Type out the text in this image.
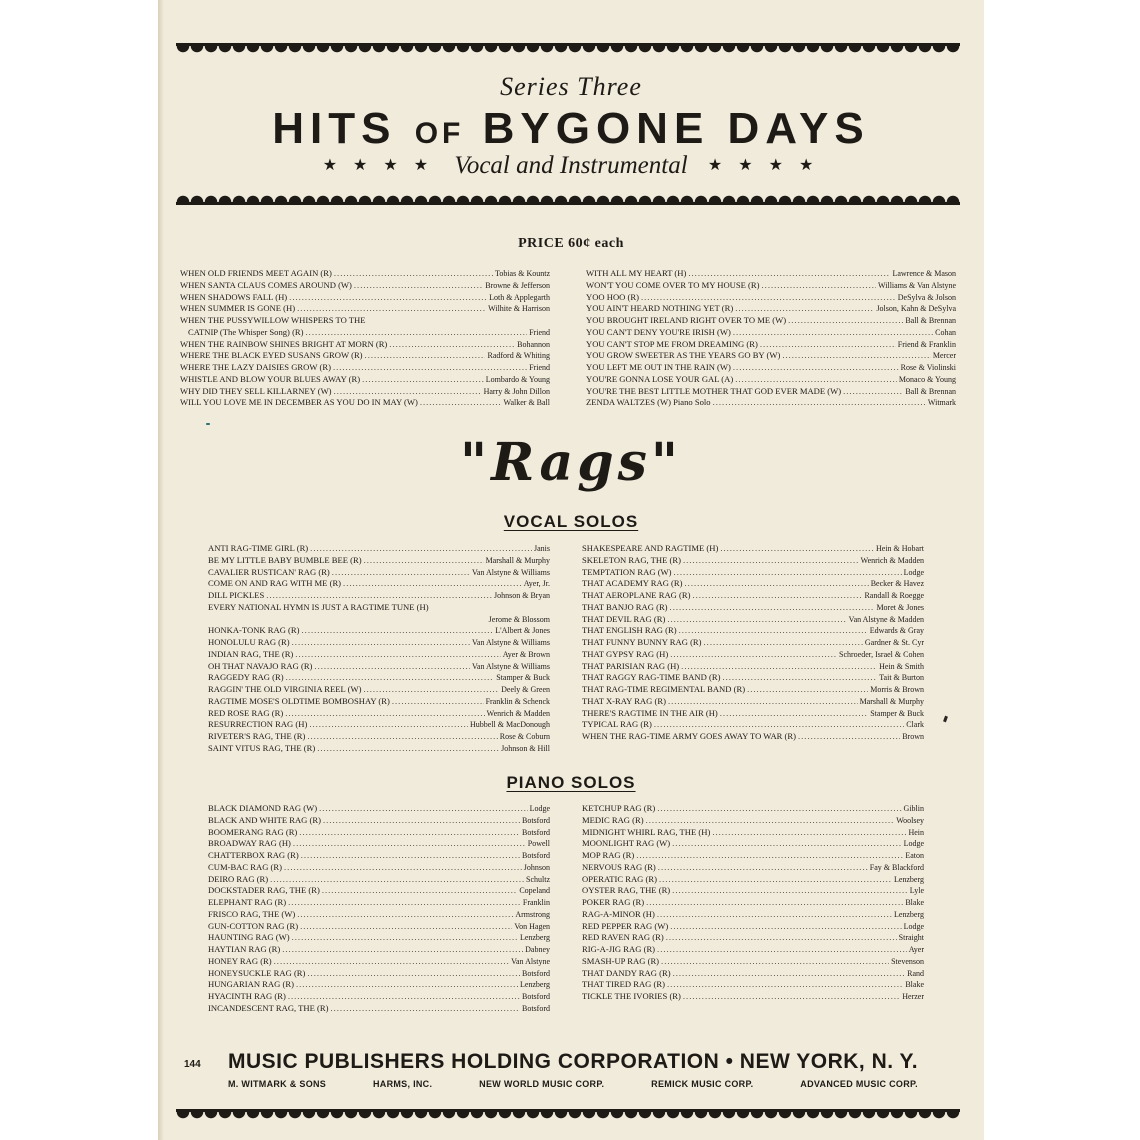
Series Three
HITS OF BYGONE DAYS
★ ★ ★ ★ Vocal and Instrumental ★ ★ ★ ★
PRICE 60¢ each
WHEN OLD FRIENDS MEET AGAIN (R) .....	Tobias & Kountz
WHEN SANTA CLAUS COMES AROUND (W) .....	Browne & Jefferson
WHEN SHADOWS FALL (H) .....	Loth & Applegarth
WHEN SUMMER IS GONE (H) .....	Wilhite & Harrison
WHEN THE PUSSYWILLOW WHISPERS TO THE
CATNIP (The Whisper Song) (R) .....	Friend
WHEN THE RAINBOW SHINES BRIGHT AT MORN (R) .....	Bohannon
WHERE THE BLACK EYED SUSANS GROW (R) .....	Radford & Whiting
WHERE THE LAZY DAISIES GROW (R) .....	Friend
WHISTLE AND BLOW YOUR BLUES AWAY (R) .....	Lombardo & Young
WHY DID THEY SELL KILLARNEY (W) .....	Harry & John Dillon
WILL YOU LOVE ME IN DECEMBER AS YOU DO IN MAY (W) .....	Walker & Ball
WITH ALL MY HEART (H) .....	Lawrence & Mason
WON'T YOU COME OVER TO MY HOUSE (R) .....	Williams & Van Alstyne
YOO HOO (R) .....	DeSylva & Jolson
YOU AIN'T HEARD NOTHING YET (R) .....	Jolson, Kahn & DeSylva
YOU BROUGHT IRELAND RIGHT OVER TO ME (W) .....	Ball & Brennan
YOU CAN'T DENY YOU'RE IRISH (W) .....	Cohan
YOU CAN'T STOP ME FROM DREAMING (R) .....	Friend & Franklin
YOU GROW SWEETER AS THE YEARS GO BY (W) .....	Mercer
YOU LEFT ME OUT IN THE RAIN (W) .....	Rose & Violinski
YOU'RE GONNA LOSE YOUR GAL (A) .....	Monaco & Young
YOU'RE THE BEST LITTLE MOTHER THAT GOD EVER MADE (W) .....	Ball & Brennan
ZENDA WALTZES (W) Piano Solo .....	Witmark
"Rags"
VOCAL SOLOS
ANTI RAG-TIME GIRL (R) .....	Janis
BE MY LITTLE BABY BUMBLE BEE (R) .....	Marshall & Murphy
CAVALIER RUSTICAN' RAG (R) .....	Van Alstyne & Williams
COME ON AND RAG WITH ME (R) .....	Ayer, Jr.
DILL PICKLES .....	Johnson & Bryan
EVERY NATIONAL HYMN IS JUST A RAGTIME TUNE (H)
Jerome & Blossom
HONKA-TONK RAG (R) .....	L'Albert & Jones
HONOLULU RAG (R) .....	Van Alstyne & Williams
INDIAN RAG, THE (R) .....	Ayer & Brown
OH THAT NAVAJO RAG (R) .....	Van Alstyne & Williams
RAGGEDY RAG (R) .....	Stamper & Buck
RAGGIN' THE OLD VIRGINIA REEL (W) .....	Deely & Green
RAGTIME MOSE'S OLDTIME BOMBOSHAY (R) .....	Franklin & Schenck
RED ROSE RAG (R) .....	Wenrich & Madden
RESURRECTION RAG (H) .....	Hubbell & MacDonough
RIVETER'S RAG, THE (R) .....	Rose & Coburn
SAINT VITUS RAG, THE (R) .....	Johnson & Hill
SHAKESPEARE AND RAGTIME (H) .....	Hein & Hobart
SKELETON RAG, THE (R) .....	Wenrich & Madden
TEMPTATION RAG (W) .....	Lodge
THAT ACADEMY RAG (R) .....	Becker & Havez
THAT AEROPLANE RAG (R) .....	Randall & Roegge
THAT BANJO RAG (R) .....	Moret & Jones
THAT DEVIL RAG (R) .....	Van Alstyne & Madden
THAT ENGLISH RAG (R) .....	Edwards & Gray
THAT FUNNY BUNNY RAG (R) .....	Gardner & St. Cyr
THAT GYPSY RAG (H) .....	Schroeder, Israel & Cohen
THAT PARISIAN RAG (H) .....	Hein & Smith
THAT RAGGY RAG-TIME BAND (R) .....	Tait & Burton
THAT RAG-TIME REGIMENTAL BAND (R) .....	Morris & Brown
THAT X-RAY RAG (R) .....	Marshall & Murphy
THERE'S RAGTIME IN THE AIR (H) .....	Stamper & Buck
TYPICAL RAG (R) .....	Clark
WHEN THE RAG-TIME ARMY GOES AWAY TO WAR (R) .....	Brown
PIANO SOLOS
BLACK DIAMOND RAG (W) .....	Lodge
BLACK AND WHITE RAG (R) .....	Botsford
BOOMERANG RAG (R) .....	Botsford
BROADWAY RAG (H) .....	Powell
CHATTERBOX RAG (R) .....	Botsford
CUM-BAC RAG (R) .....	Johnson
DEIRO RAG (R) .....	Schultz
DOCKSTADER RAG, THE (R) .....	Copeland
ELEPHANT RAG (R) .....	Franklin
FRISCO RAG, THE (W) .....	Armstrong
GUN-COTTON RAG (R) .....	Von Hagen
HAUNTING RAG (W) .....	Lenzberg
HAYTIAN RAG (R) .....	Dabney
HONEY RAG (R) .....	Van Alstyne
HONEYSUCKLE RAG (R) .....	Botsford
HUNGARIAN RAG (R) .....	Lenzberg
HYACINTH RAG (R) .....	Botsford
INCANDESCENT RAG, THE (R) .....	Botsford
KETCHUP RAG (R) .....	Giblin
MEDIC RAG (R) .....	Woolsey
MIDNIGHT WHIRL RAG, THE (H) .....	Hein
MOONLIGHT RAG (W) .....	Lodge
MOP RAG (R) .....	Eaton
NERVOUS RAG (R) .....	Fay & Blackford
OPERATIC RAG (R) .....	Lenzberg
OYSTER RAG, THE (R) .....	Lyle
POKER RAG (R) .....	Blake
RAG-A-MINOR (H) .....	Lenzberg
RED PEPPER RAG (W) .....	Lodge
RED RAVEN RAG (R) .....	Straight
RIG-A-JIG RAG (R) .....	Ayer
SMASH-UP RAG (R) .....	Stevenson
THAT DANDY RAG (R) .....	Rand
THAT TIRED RAG (R) .....	Blake
TICKLE THE IVORIES (R) .....	Herzer
144 MUSIC PUBLISHERS HOLDING CORPORATION • NEW YORK, N. Y.
M. WITMARK & SONS	HARMS, INC.	NEW WORLD MUSIC CORP.	REMICK MUSIC CORP.	ADVANCED MUSIC CORP.
